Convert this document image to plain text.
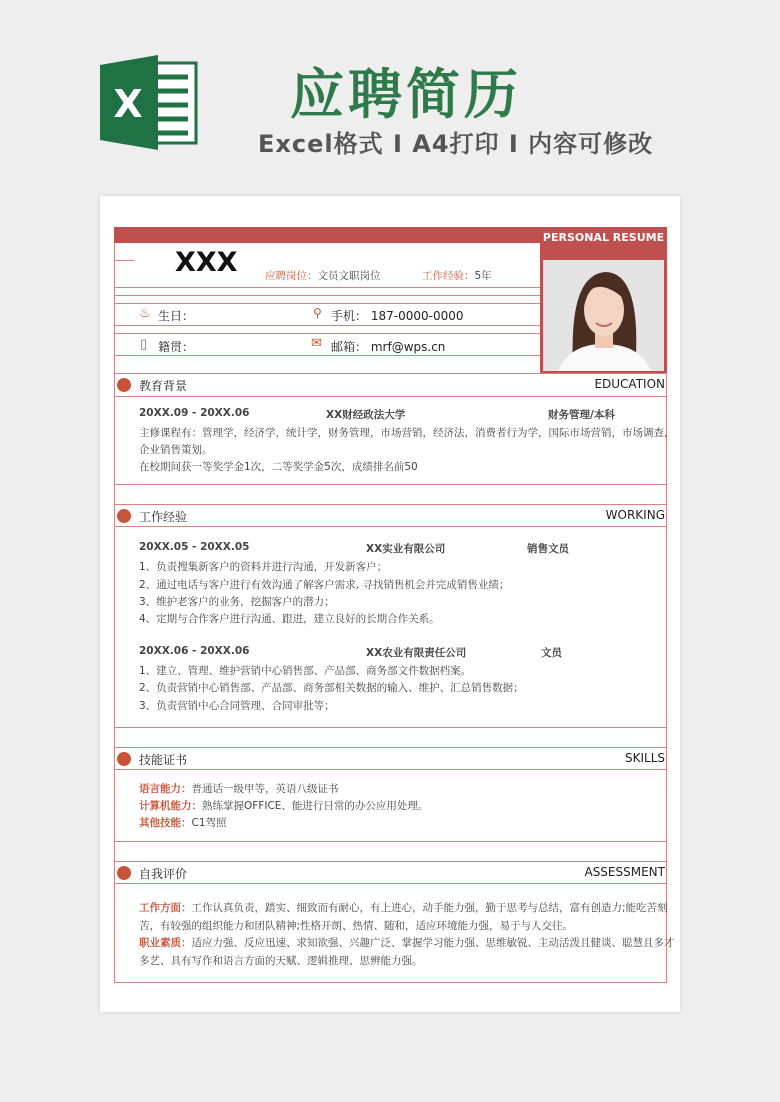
X	应聘简历
Excel格式 I A4打印 I 内容可修改
PERSONAL RESUME
XXX	应聘岗位：文员文职岗位	工作经验：5年
♨ 生日：	⚲ 手机： 187-0000-0000
▯ 籍贯：	✉ 邮箱： mrf@wps.cn
教育背景	EDUCATION
20XX.09 - 20XX.06	XX财经政法大学	财务管理/本科
主修课程有：管理学，经济学，统计学，财务管理，市场营销，经济法，消费者行为学，国际市场营销，市场调查，
企业销售策划。
在校期间获一等奖学金1次，二等奖学金5次，成绩排名前50
工作经验	WORKING
20XX.05 - 20XX.05	XX实业有限公司	销售文员
1、负责搜集新客户的资料并进行沟通，开发新客户；
2、通过电话与客户进行有效沟通了解客户需求, 寻找销售机会并完成销售业绩；
3、维护老客户的业务，挖掘客户的潜力；
4、定期与合作客户进行沟通、跟进，建立良好的长期合作关系。
20XX.06 - 20XX.06	XX农业有限责任公司	文员
1、建立、管理、维护营销中心销售部、产品部、商务部文件数据档案。
2、负责营销中心销售部、产品部、商务部相关数据的输入、维护、汇总销售数据；
3、负责营销中心合同管理、合同审批等；
技能证书	SKILLS
语言能力：普通话一级甲等，英语八级证书
计算机能力：熟练掌握OFFICE、能进行日常的办公应用处理。
其他技能：C1驾照
自我评价	ASSESSMENT
工作方面：工作认真负责，踏实、细致而有耐心，有上进心，动手能力强，勤于思考与总结，富有创造力;能吃苦刻
苦，有较强的组织能力和团队精神;性格开朗、热情、随和，适应环境能力强，易于与人交往。
职业素质：适应力强、反应迅速、求知欲强、兴趣广泛、掌握学习能力强、思维敏锐、主动活泼且健谈、聪慧且多才
多艺、具有写作和语言方面的天赋、逻辑推理、思辨能力强。
